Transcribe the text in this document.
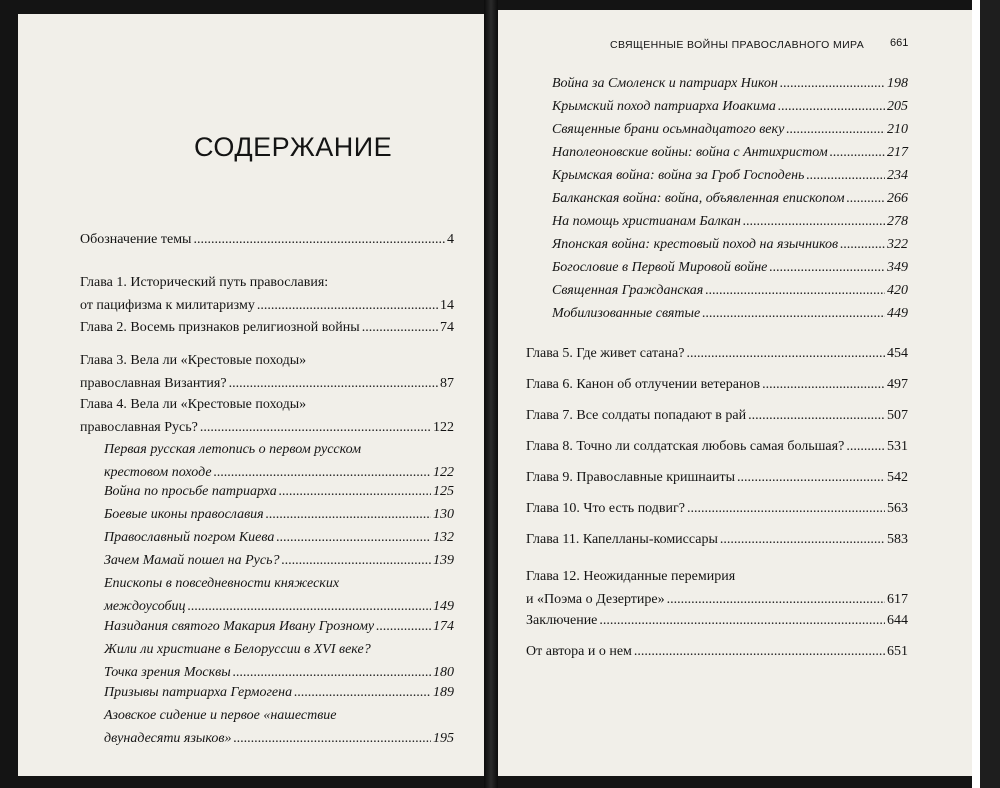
СОДЕРЖАНИЕ
Обозначение темы .....	4
Глава 1. Исторический путь православия:
от пацифизма к милитаризму .....	14
Глава 2. Восемь признаков религиозной войны .....	74
Глава 3. Вела ли «Крестовые походы»
православная Византия? .....	87
Глава 4. Вела ли «Крестовые походы»
православная Русь? .....	122
Первая русская летопись о первом русском
крестовом походе .....	122
Война по просьбе патриарха .....	125
Боевые иконы православия .....	130
Православный погром Киева .....	132
Зачем Мамай пошел на Русь? .....	139
Епископы в повседневности княжеских
междоусобиц .....	149
Назидания святого Макария Ивану Грозному .....	174
Жили ли христиане в Белоруссии в XVI веке?
Точка зрения Москвы .....	180
Призывы патриарха Гермогена .....	189
Азовское сидение и первое «нашествие
двунадесяти языков» .....	195
СВЯЩЕННЫЕ ВОЙНЫ ПРАВОСЛАВНОГО МИРА 661
Война за Смоленск и патриарх Никон .....	198
Крымский поход патриарха Иоакима .....	205
Священные брани осьмнадцатого веку .....	210
Наполеоновские войны: война с Антихристом .....	217
Крымская война: война за Гроб Господень .....	234
Балканская война: война, объявленная епископом .....	266
На помощь христианам Балкан .....	278
Японская война: крестовый поход на язычников .....	322
Богословие в Первой Мировой войне .....	349
Священная Гражданская .....	420
Мобилизованные святые .....	449
Глава 5. Где живет сатана? .....	454
Глава 6. Канон об отлучении ветеранов .....	497
Глава 7. Все солдаты попадают в рай .....	507
Глава 8. Точно ли солдатская любовь самая большая? .....	531
Глава 9. Православные кришнаиты .....	542
Глава 10. Что есть подвиг? .....	563
Глава 11. Капелланы-комиссары .....	583
Глава 12. Неожиданные перемирия
и «Поэма о Дезертире» .....	617
Заключение .....	644
От автора и о нем .....	651
